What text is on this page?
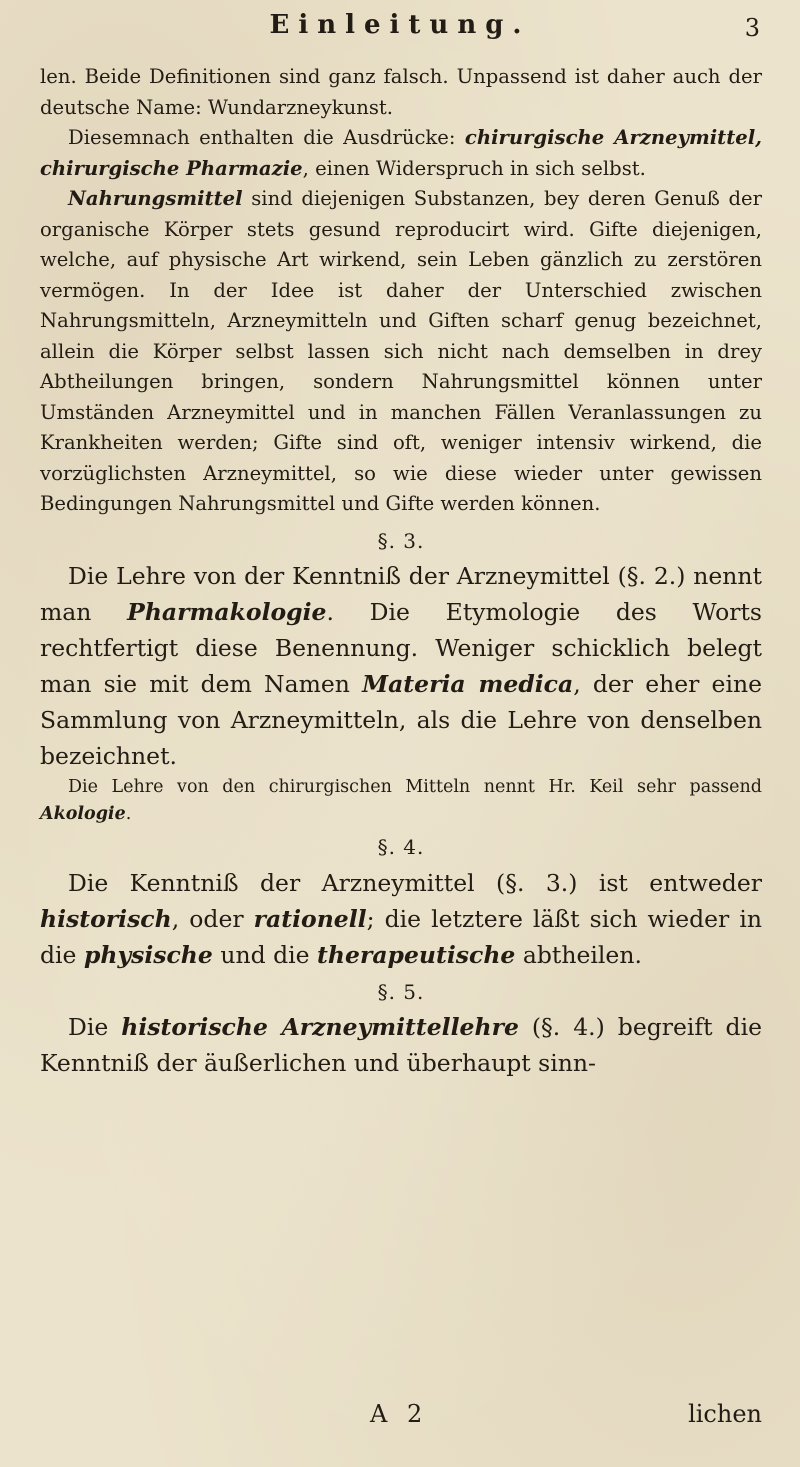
Einleitung.	3

len. Beide Definitionen sind ganz falsch. Unpassend ist daher auch der deutsche Name: Wundarzneykunst.

Diesemnach enthalten die Ausdrücke: chirurgische Arzneymittel, chirurgische Pharmazie, einen Widerspruch in sich selbst.

Nahrungsmittel sind diejenigen Substanzen, bey deren Genuß der organische Körper stets gesund reproducirt wird. Gifte diejenigen, welche, auf physische Art wirkend, sein Leben gänzlich zu zerstören vermögen. In der Idee ist daher der Unterschied zwischen Nahrungsmitteln, Arzneymitteln und Giften scharf genug bezeichnet, allein die Körper selbst lassen sich nicht nach demselben in drey Abtheilungen bringen, sondern Nahrungsmittel können unter Umständen Arzneymittel und in manchen Fällen Veranlassungen zu Krankheiten werden; Gifte sind oft, weniger intensiv wirkend, die vorzüglichsten Arzneymittel, so wie diese wieder unter gewissen Bedingungen Nahrungsmittel und Gifte werden können.

§. 3.

Die Lehre von der Kenntniß der Arzneymittel (§. 2.) nennt man Pharmakologie. Die Etymologie des Worts rechtfertigt diese Benennung. Weniger schicklich belegt man sie mit dem Namen Materia medica, der eher eine Sammlung von Arzneymitteln, als die Lehre von denselben bezeichnet.

Die Lehre von den chirurgischen Mitteln nennt Hr. Keil sehr passend Akologie.

§. 4.

Die Kenntniß der Arzneymittel (§. 3.) ist entweder historisch, oder rationell; die letztere läßt sich wieder in die physische und die therapeutische abtheilen.

§. 5.

Die historische Arzneymittellehre (§. 4.) begreift die Kenntniß der äußerlichen und überhaupt sinn-

A 2	lichen
